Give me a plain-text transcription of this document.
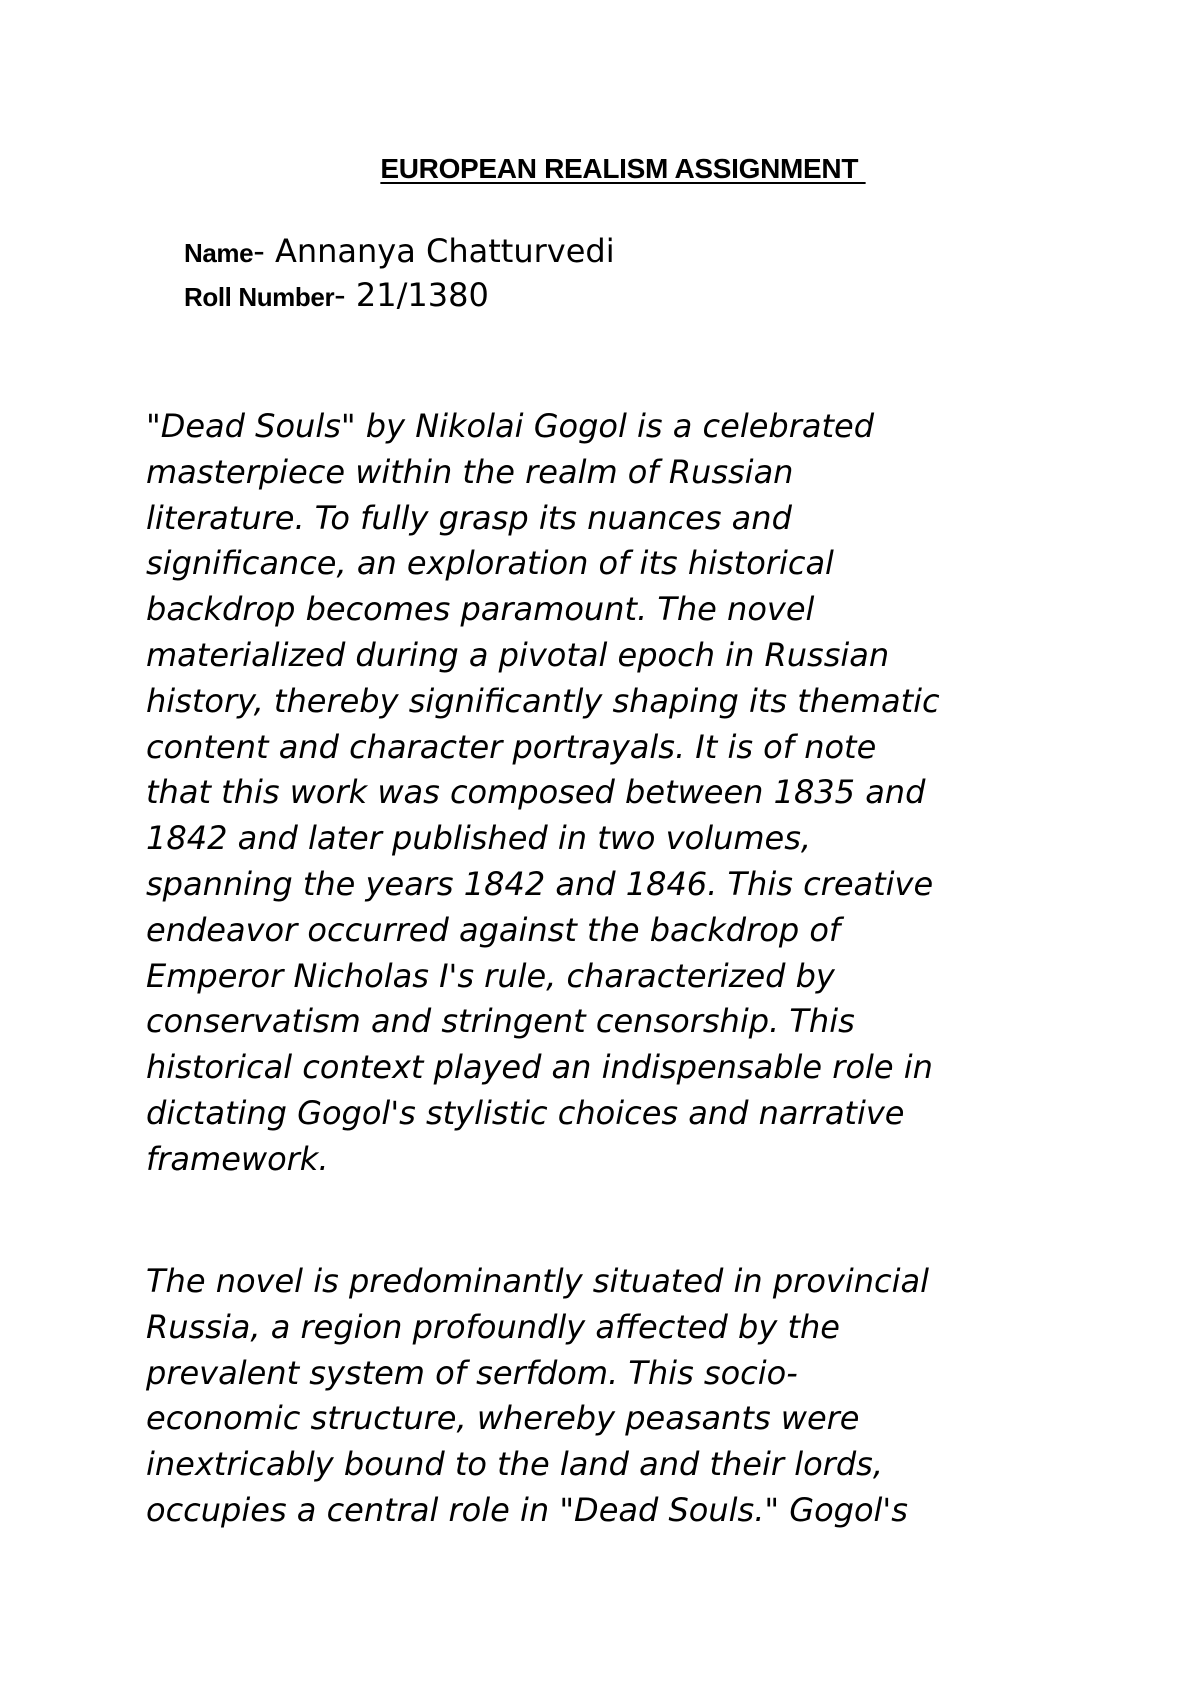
EUROPEAN REALISM ASSIGNMENT
Name- Annanya Chatturvedi
Roll Number- 21/1380

"Dead Souls" by Nikolai Gogol is a celebrated
masterpiece within the realm of Russian
literature. To fully grasp its nuances and
significance, an exploration of its historical
backdrop becomes paramount. The novel
materialized during a pivotal epoch in Russian
history, thereby significantly shaping its thematic
content and character portrayals. It is of note
that this work was composed between 1835 and
1842 and later published in two volumes,
spanning the years 1842 and 1846. This creative
endeavor occurred against the backdrop of
Emperor Nicholas I's rule, characterized by
conservatism and stringent censorship. This
historical context played an indispensable role in
dictating Gogol's stylistic choices and narrative
framework.

The novel is predominantly situated in provincial
Russia, a region profoundly affected by the
prevalent system of serfdom. This socio-
economic structure, whereby peasants were
inextricably bound to the land and their lords,
occupies a central role in "Dead Souls." Gogol's
